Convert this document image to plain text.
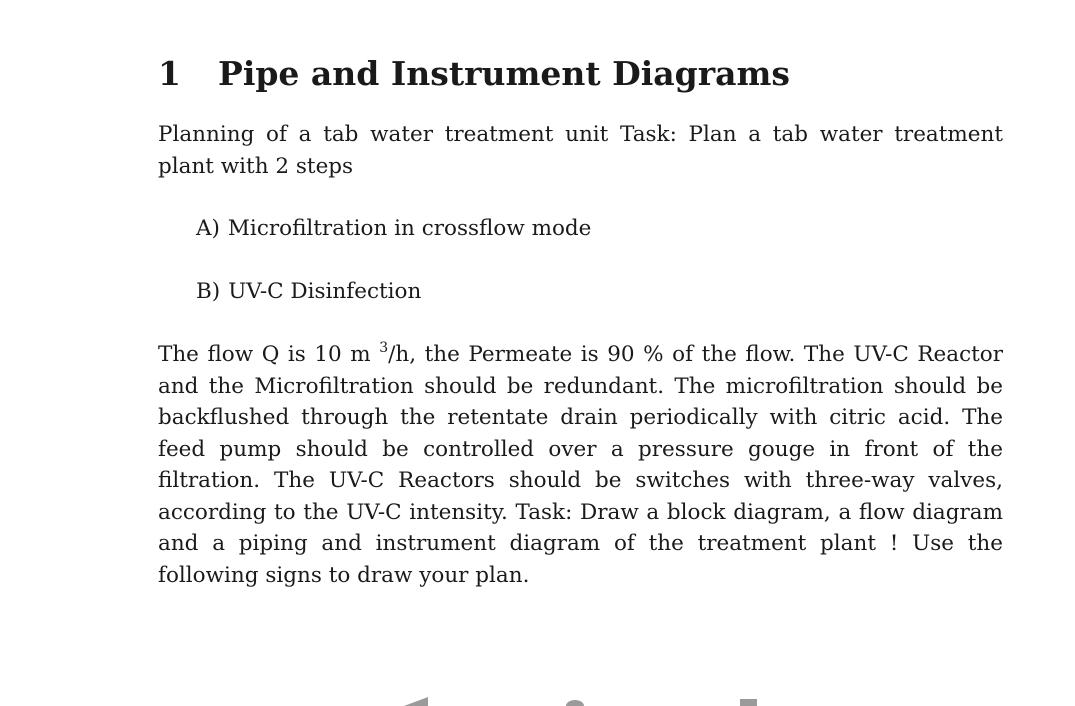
1 Pipe and Instrument Diagrams

Planning of a tab water treatment unit Task: Plan a tab water treatment plant with 2 steps

A) Microfiltration in crossflow mode

B) UV-C Disinfection

The flow Q is 10 m $^3$/h, the Permeate is 90 % of the flow. The UV-C Reactor and the Microfiltration should be redundant. The microfiltration should be backflushed through the retentate drain periodically with citric acid. The feed pump should be controlled over a pressure gouge in front of the filtration. The UV-C Reactors should be switches with three-way valves, according to the UV-C intensity. Task: Draw a block diagram, a flow diagram and a piping and instrument diagram of the treatment plant ! Use the following signs to draw your plan.
